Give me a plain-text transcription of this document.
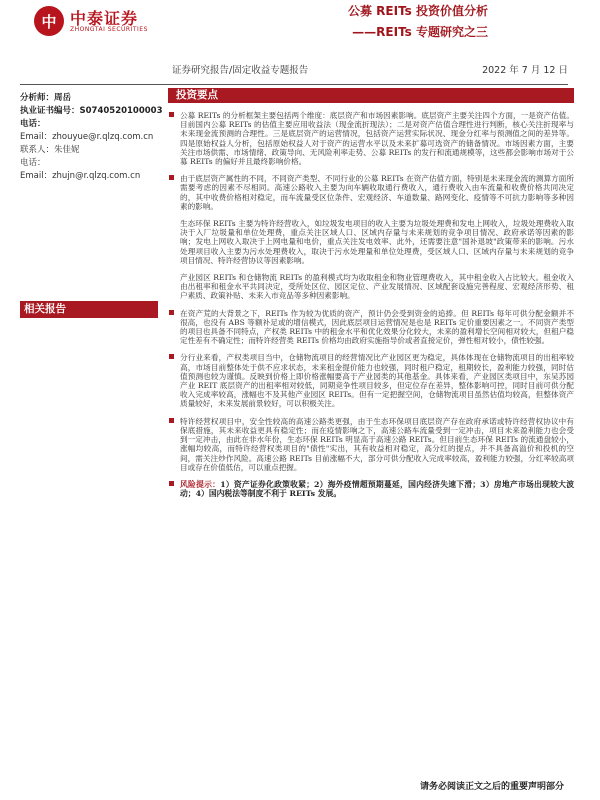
中 中泰证券
ZHONGTAI SECURITIES
公募 REITs 投资价值分析
——REITs 专题研究之三
证券研究报告/固定收益专题报告	2022 年 7 月 12 日
分析师：周岳
执业证书编号：S0740520100003
电话：
Email：zhouyue@r.qlzq.com.cn
联系人：朱佳妮
电话：
Email：zhujn@r.qlzq.com.cn
相关报告
投资要点
公募 REITs 的分析框架主要包括两个维度：底层资产和市场因素影响。底层资产主要关注四个方面，一是资产估值。目前国内公募 REITs 的估值主要应用收益法（现金流折现法）；二是对资产估值合理性进行判断，核心关注折现率与未来现金流预测的合理性。三是底层资产的运营情况，包括资产运营实际状况、现金分红率与预测值之间的差异等。四是原始权益人分析，包括原始权益人对于资产的运营水平以及未来扩募可选资产的储备情况。市场因素方面，主要关注市场供需、市场情绪、政策导向、无风险利率走势、公募 REITs 的发行和流通规模等，这些都会影响市场对于公募 REITs 的偏好并且最终影响价格。
由于底层资产属性的不同，不同资产类型、不同行业的公募 REITs 在资产估值方面，特别是未来现金流的测算方面所需要考虑的因素不尽相同。高速公路收入主要为向车辆收取通行费收入，通行费收入由车流量和收费价格共同决定的，其中收费价格相对稳定，而车流量受区位条件、宏观经济、车道数量、路网变化、疫情等不可抗力影响等多种因素的影响。
生态环保 REITs 主要为特许经营收入，如垃圾发电项目的收入主要为垃圾处理费和发电上网收入，垃圾处理费收入取决于入厂垃圾量和单位处理费，重点关注区域人口、区域内存量与未来规划的竞争项目情况、政府承诺等因素的影响；发电上网收入取决于上网电量和电价，重点关注发电效率、此外，还需要注意"国补退坡"政策带来的影响。污水处理项目收入主要为污水处理费收入，取决于污水处理量和单位处理费，受区域人口、区域内存量与未来规划的竞争项目情况、特许经营协议等因素影响。
产业园区 REITs 和仓储物流 REITs 的盈利模式均为收取租金和物业管理费收入，其中租金收入占比较大。租金收入由出租率和租金水平共同决定，受所处区位、园区定位、产业发展情况、区域配套设施完善程度、宏观经济形势、租户素质、政策补贴、未来入市竞品等多种因素影响。
在资产荒的大背景之下，REITs 作为较为优质的资产，预计仍会受到资金的追捧。但 REITs 每年可供分配金额并不很高，也没有 ABS 等额补足或的增信模式，因此底层项目运营情况是也是 REITs 定价重要因素之一。不同资产类型的项目也具备不同特点，产权类 REITs 中的租金水平和优化效果分化较大，未来的盈利增长空间相对较大，但租户稳定性差有不确定性；而特许经营类 REITs 价格均由政府实施指导价或者直接定价，弹性相对较小，债性较强。
分行业来看，产权类项目当中，仓储物流项目的经营情况比产业园区更为稳定，具体体现在仓储物流项目的出租率较高，市场目前整体处于供不应求状态，未来租金提价能力也较强，同时租户稳定，租期较长，盈利能力较强，同时估值预测也较为谨慎。反映到价格上即价格涨幅要高于产业园类的其他基金。具体来看，产业园区类项目中，东吴苏园产业 REIT 底层资产的出租率相对较低，同期竞争性项目较多，但定位存在差异，整体影响可控，同时目前可供分配收入完成率较高，涨幅也不及其他产业园区 REITs。但有一定把握空间，仓储物流项目虽然估值均较高，但整体资产质量较好，未来发展前景较好，可以积极关注。
特许经营权项目中，安全性较高的高速公路类更强，由于生态环保项目底层资产存在政府承诺或特许经营权协议中有保底措施，其未来收益更具有稳定性；而在疫情影响之下，高速公路车流量受到一定冲击，项目未来盈利能力也会受到一定冲击，由此在非水年份，生态环保 REITs 明显高于高速公路 REITs。但目前生态环保 REITs 的流通盘较小，涨幅均较高，而特许经营权类项目的"债性"实出，其有收益相对稳定，高分红的提点，并不具备高溢价和投机的空间，需关注炒作风险。高速公路 REITs 目前涨幅不大，部分可供分配收入完成率较高，盈利能力较强，分红率较高项目或存在价值低估，可以重点把握。
风险提示：1）资产证券化政策收紧；2）海外疫情超预期蔓延，国内经济失速下滑；3）房地产市场出现较大波动；4）国内税法等制度不利于 REITs 发展。
请务必阅读正文之后的重要声明部分
